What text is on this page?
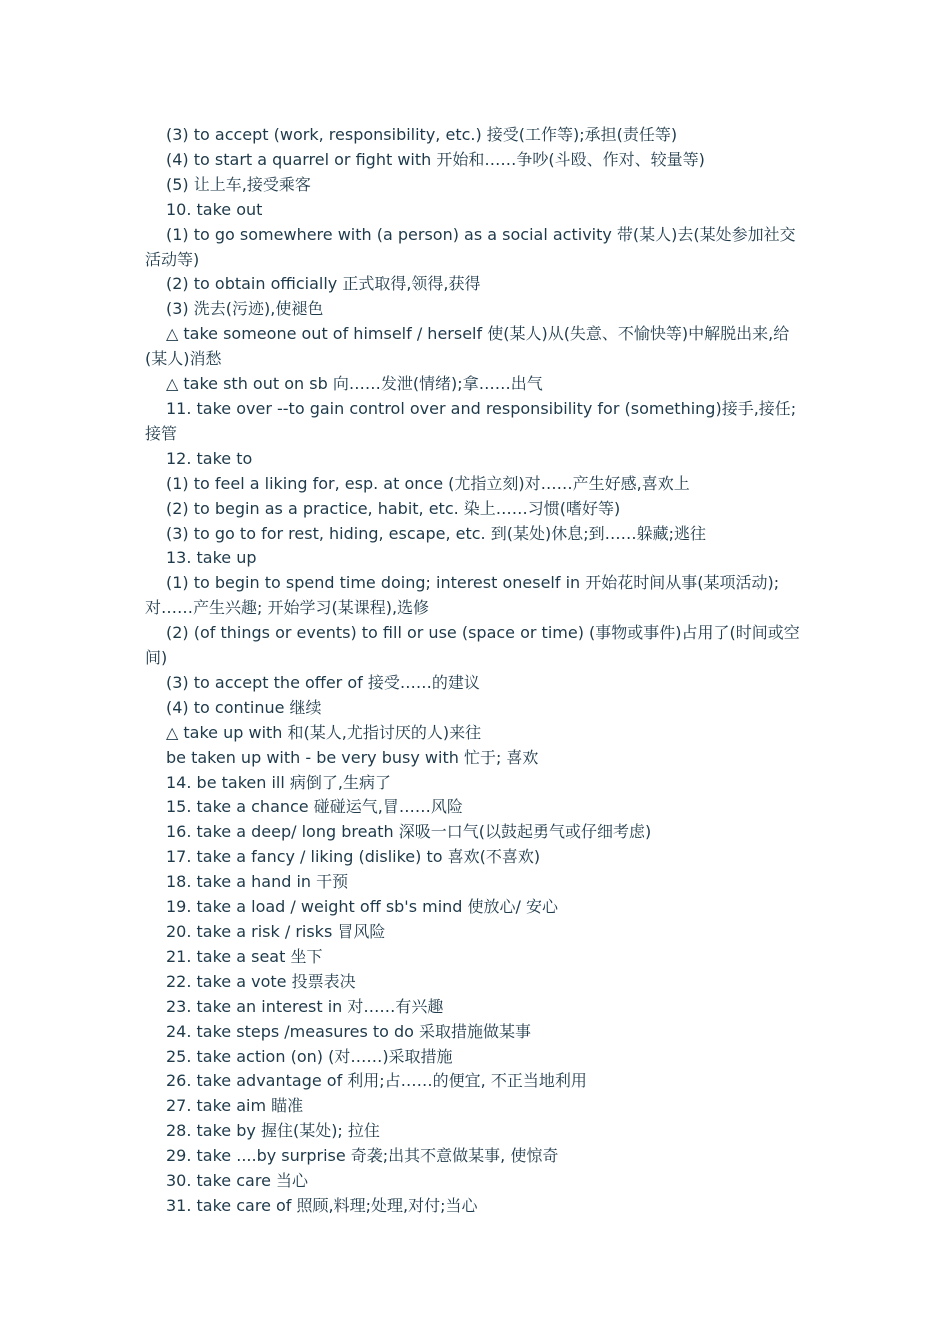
(3) to accept (work, responsibility, etc.) 接受(工作等);承担(责任等)

(4) to start a quarrel or fight with 开始和……争吵(斗殴、作对、较量等)

(5) 让上车,接受乘客

10. take out

(1) to go somewhere with (a person) as a social activity 带(某人)去(某处参加社交活动等)

(2) to obtain officially 正式取得,领得,获得

(3) 洗去(污迹),使褪色

△ take someone out of himself / herself 使(某人)从(失意、不愉快等)中解脱出来,给(某人)消愁

△ take sth out on sb 向……发泄(情绪);拿……出气

11. take over --to gain control over and responsibility for (something)接手,接任;接管

12. take to

(1) to feel a liking for, esp. at once (尤指立刻)对……产生好感,喜欢上

(2) to begin as a practice, habit, etc. 染上……习惯(嗜好等)

(3) to go to for rest, hiding, escape, etc. 到(某处)休息;到……躲藏;逃往

13. take up

(1) to begin to spend time doing; interest oneself in 开始花时间从事(某项活动);对……产生兴趣; 开始学习(某课程),选修

(2) (of things or events) to fill or use (space or time) (事物或事件)占用了(时间或空间)

(3) to accept the offer of 接受……的建议

(4) to continue 继续

△ take up with 和(某人,尤指讨厌的人)来往

be taken up with - be very busy with 忙于; 喜欢

14. be taken ill 病倒了,生病了

15. take a chance 碰碰运气,冒……风险

16. take a deep/ long breath 深吸一口气(以鼓起勇气或仔细考虑)

17. take a fancy / liking (dislike) to 喜欢(不喜欢)

18. take a hand in 干预

19. take a load / weight off sb's mind 使放心/ 安心

20. take a risk / risks 冒风险

21. take a seat 坐下

22. take a vote 投票表决

23. take an interest in 对……有兴趣

24. take steps /measures to do 采取措施做某事

25. take action (on) (对……)采取措施

26. take advantage of 利用;占……的便宜, 不正当地利用

27. take aim 瞄准

28. take by 握住(某处); 拉住

29. take ....by surprise 奇袭;出其不意做某事, 使惊奇

30. take care 当心

31. take care of 照顾,料理;处理,对付;当心
